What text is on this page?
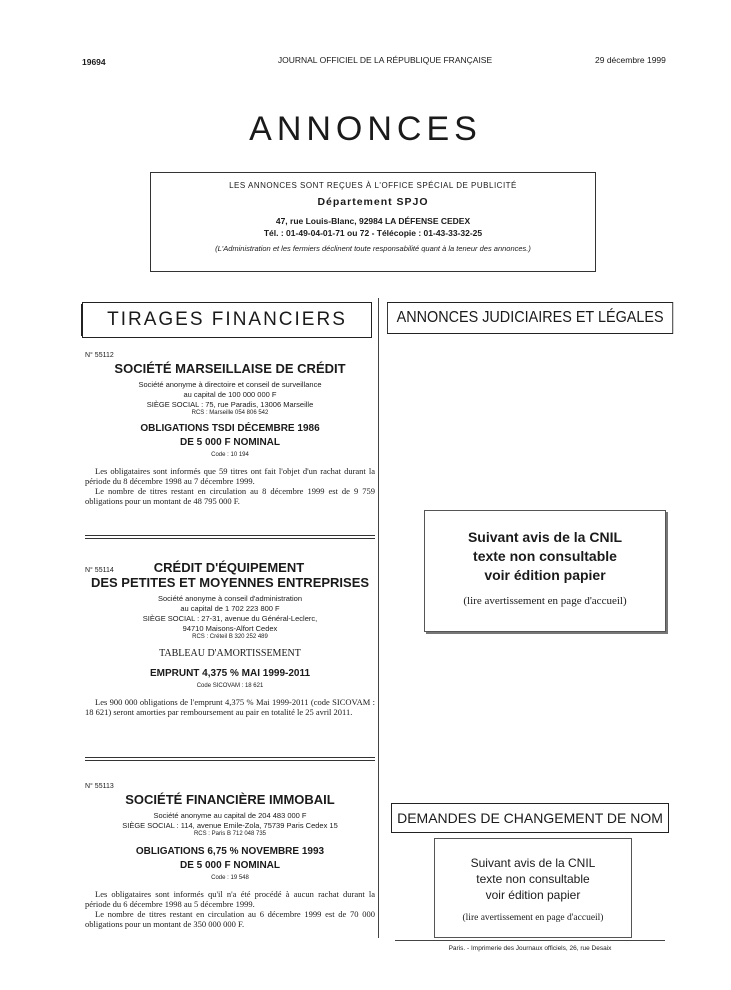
19694	JOURNAL OFFICIEL DE LA RÉPUBLIQUE FRANÇAISE	29 décembre 1999
ANNONCES
LES ANNONCES SONT REÇUES À L'OFFICE SPÉCIAL DE PUBLICITÉ
Département SPJO
47, rue Louis-Blanc, 92984 LA DÉFENSE CEDEX
Tél. : 01-49-04-01-71 ou 72 - Télécopie : 01-43-33-32-25
(L'Administration et les fermiers déclinent toute responsabilité quant à la teneur des annonces.)
TIRAGES FINANCIERS	ANNONCES JUDICIAIRES ET LÉGALES
N° 55112
SOCIÉTÉ MARSEILLAISE DE CRÉDIT
Société anonyme à directoire et conseil de surveillance
au capital de 100 000 000 F
SIÈGE SOCIAL : 75, rue Paradis, 13006 Marseille
RCS : Marseille 054 806 542
OBLIGATIONS TSDI DÉCEMBRE 1986
DE 5 000 F NOMINAL
Code : 10 194

Les obligataires sont informés que 59 titres ont fait l'objet d'un rachat durant la période du 8 décembre 1998 au 7 décembre 1999.

Le nombre de titres restant en circulation au 8 décembre 1999 est de 9 759 obligations pour un montant de 48 795 000 F.

N° 55114	CRÉDIT D'ÉQUIPEMENT
DES PETITES ET MOYENNES ENTREPRISES
Société anonyme à conseil d'administration
au capital de 1 702 223 800 F
SIÈGE SOCIAL : 27-31, avenue du Général-Leclerc,
94710 Maisons-Alfort Cedex
RCS : Créteil B 320 252 489
TABLEAU D'AMORTISSEMENT
EMPRUNT 4,375 % MAI 1999-2011
Code SICOVAM : 18 621

Les 900 000 obligations de l'emprunt 4,375 % Mai 1999-2011 (code SICOVAM : 18 621) seront amorties par remboursement au pair en totalité le 25 avril 2011.

N° 55113
SOCIÉTÉ FINANCIÈRE IMMOBAIL
Société anonyme au capital de 204 483 000 F
SIÈGE SOCIAL : 114, avenue Emile-Zola, 75739 Paris Cedex 15
RCS : Paris B 712 048 735
OBLIGATIONS 6,75 % NOVEMBRE 1993
DE 5 000 F NOMINAL
Code : 19 548

Les obligataires sont informés qu'il n'a été procédé à aucun rachat durant la période du 6 décembre 1998 au 5 décembre 1999.

Le nombre de titres restant en circulation au 6 décembre 1999 est de 70 000 obligations pour un montant de 350 000 000 F.

Suivant avis de la CNIL
texte non consultable
voir édition papier
(lire avertissement en page d'accueil)
DEMANDES DE CHANGEMENT DE NOM
Suivant avis de la CNIL
texte non consultable
voir édition papier
(lire avertissement en page d'accueil)
Paris. - Imprimerie des Journaux officiels, 26, rue Desaix
